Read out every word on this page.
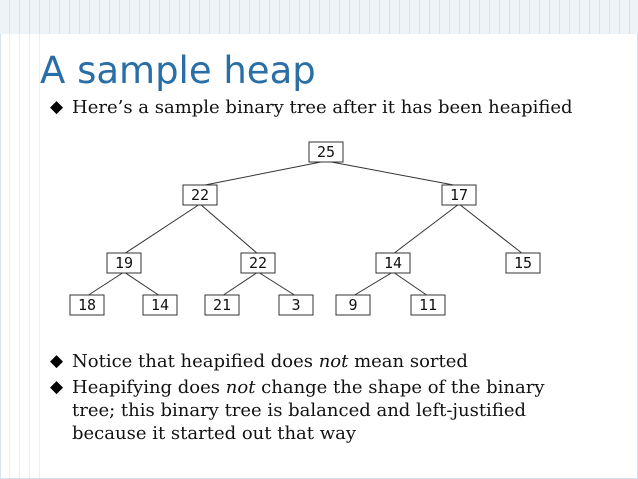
A sample heap
◆ Here’s a sample binary tree after it has been heapified
25
22	17
19	22	14	15
18	14	21	3	9	11
◆ Notice that heapified does not mean sorted
◆ Heapifying does not change the shape of the binary tree; this binary tree is balanced and left-justified because it started out that way
